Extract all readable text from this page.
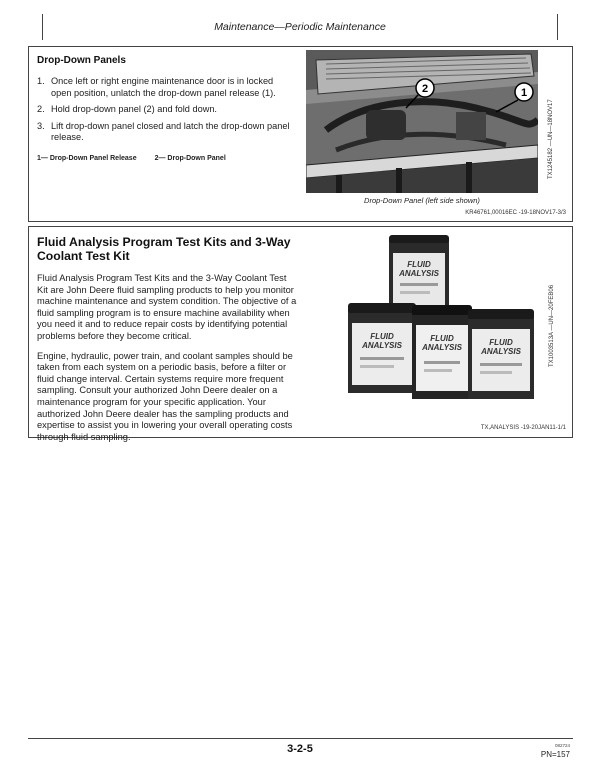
Maintenance—Periodic Maintenance
Drop-Down Panels
1. Once left or right engine maintenance door is in locked open position, unlatch the drop-down panel release (1).
2. Hold drop-down panel (2) and fold down.
3. Lift drop-down panel closed and latch the drop-down panel release.
1— Drop-Down Panel Release	2— Drop-Down Panel
2	1
TX1245182 —UN—18NOV17
Drop-Down Panel (left side shown)
KR46761,00016EC -19-18NOV17-3/3
Fluid Analysis Program Test Kits and 3-Way Coolant Test Kit

Fluid Analysis Program Test Kits and the 3-Way Coolant Test Kit are John Deere fluid sampling products to help you monitor machine maintenance and system condition. The objective of a fluid sampling program is to ensure machine availability when you need it and to reduce repair costs by identifying potential problems before they become critical.

Engine, hydraulic, power train, and coolant samples should be taken from each system on a periodic basis, before a filter or fluid change interval. Certain systems require more frequent sampling. Consult your authorized John Deere dealer on a maintenance program for your specific application. Your authorized John Deere dealer has the sampling products and expertise to assist you in lowering your overall operating costs through fluid sampling.

FLUID
ANALYSIS
FLUID
ANALYSIS
FLUID
ANALYSIS
FLUID
ANALYSIS	TX1003513A —UN—20FEB06
TX,ANALYSIS -19-20JAN11-1/1
3-2-5	082724
PN=157
